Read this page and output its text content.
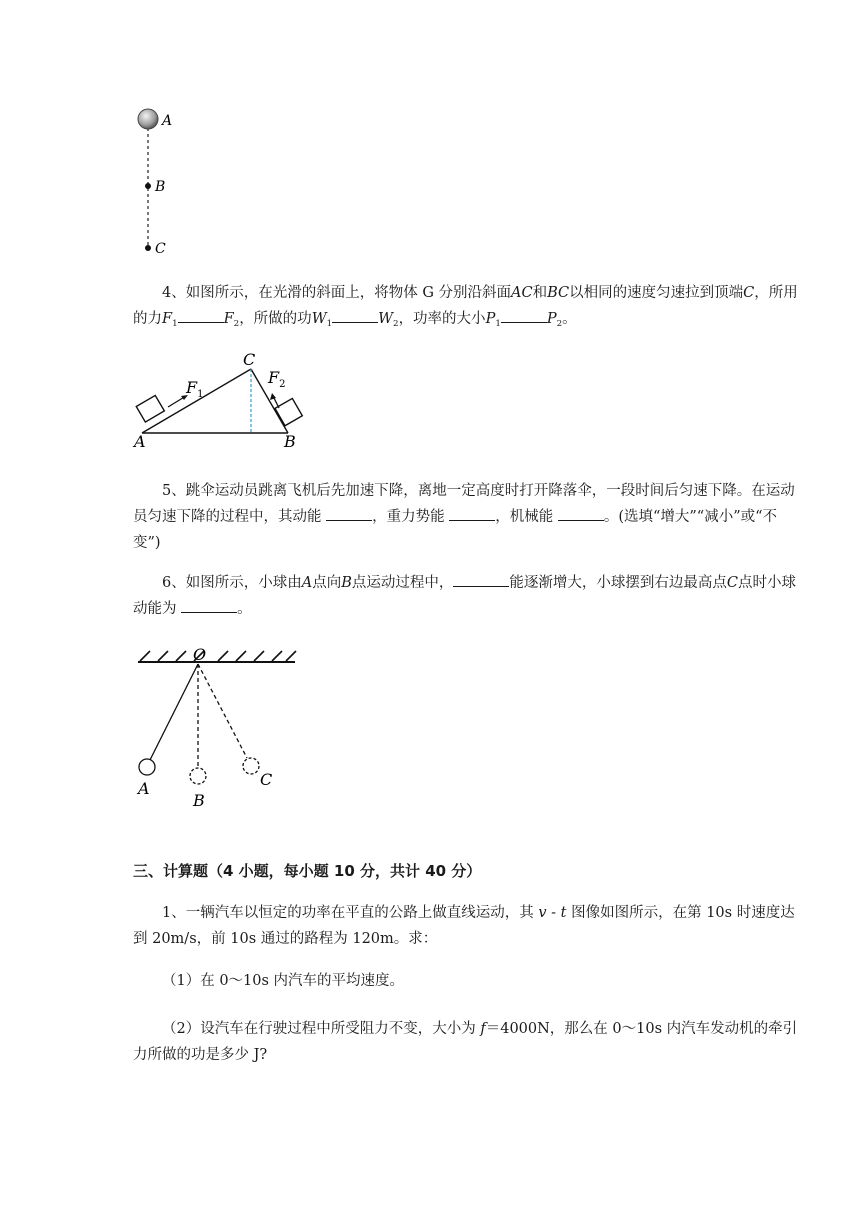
A
B
C

4、如图所示，在光滑的斜面上，将物体 G 分别沿斜面AC和BC以相同的速度匀速拉到顶端C，所用的力$F_1$	$F_2$，所做的功$W_1$	$W_2$，功率的大小$P_1$	$P_2$。

A	B
C
$F_1$
$F_2$

5、跳伞运动员跳离飞机后先加速下降，离地一定高度时打开降落伞，一段时间后匀速下降。在运动员匀速下降的过程中，其动能	，重力势能	，机械能	。(选填“增大”“减小”或“不变”)

6、如图所示，小球由A点向B点运动过程中，	能逐渐增大，小球摆到右边最高点C点时小球动能为	。

O
A
B
C

三、计算题（4 小题，每小题 10 分，共计 40 分）

1、一辆汽车以恒定的功率在平直的公路上做直线运动，其 v - t 图像如图所示，在第 10s 时速度达到 20m/s，前 10s 通过的路程为 120m。求：

（1）在 0～10s 内汽车的平均速度。

（2）设汽车在行驶过程中所受阻力不变，大小为 f＝4000N，那么在 0～10s 内汽车发动机的牵引力所做的功是多少 J?
